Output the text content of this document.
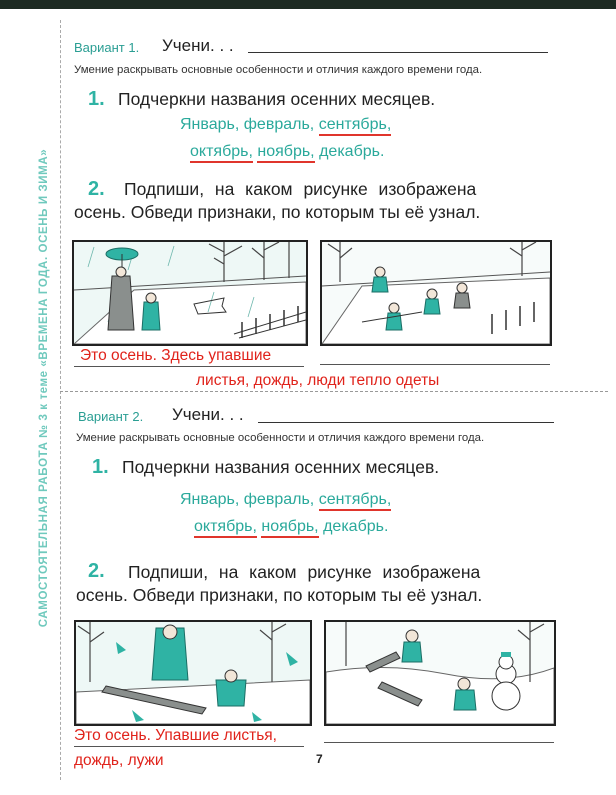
САМОСТОЯТЕЛЬНАЯ РАБОТА № 3 к теме «ВРЕМЕНА ГОДА. ОСЕНЬ И ЗИМА»
Вариант 1. Учени. . .
Умение раскрывать основные особенности и отличия каждого времени года.
1. Подчеркни названия осенних месяцев.
Январь, февраль, сентябрь,
октябрь, ноябрь, декабрь.
2. Подпиши, на каком рисунке изображена
осень. Обведи признаки, по которым ты её узнал.
Это осень. Здесь упавшие
листья, дождь, люди тепло одеты
Вариант 2. Учени. . .
Умение раскрывать основные особенности и отличия каждого времени года.
1. Подчеркни названия осенних месяцев.
Январь, февраль, сентябрь,
октябрь, ноябрь, декабрь.
2. Подпиши, на каком рисунке изображена
осень. Обведи признаки, по которым ты её узнал.
Это осень. Упавшие листья,
дождь, лужи	7
